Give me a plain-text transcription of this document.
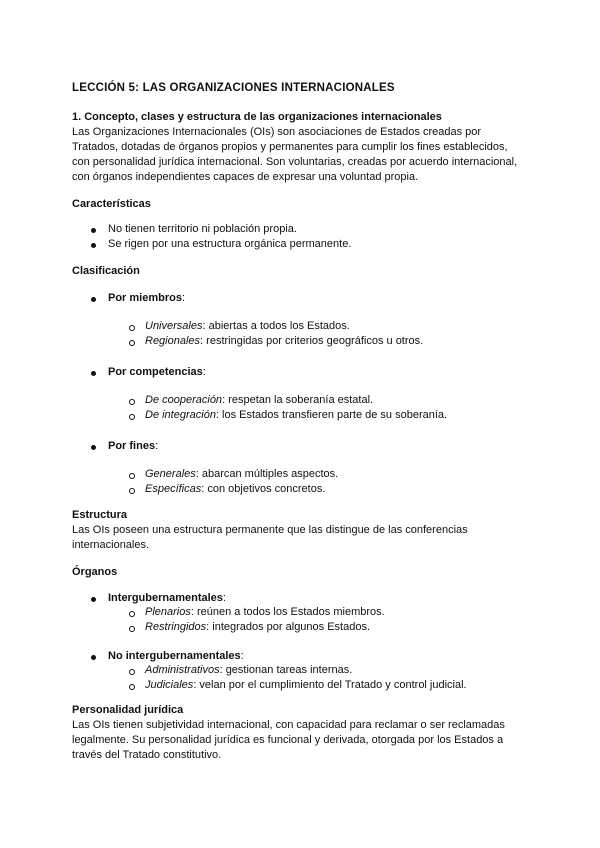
LECCIÓN 5: LAS ORGANIZACIONES INTERNACIONALES
1. Concepto, clases y estructura de las organizaciones internacionales
Las Organizaciones Internacionales (OIs) son asociaciones de Estados creadas por
Tratados, dotadas de órganos propios y permanentes para cumplir los fines establecidos,
con personalidad jurídica internacional. Son voluntarias, creadas por acuerdo internacional,
con órganos independientes capaces de expresar una voluntad propia.
Características
No tienen territorio ni población propia.
Se rigen por una estructura orgánica permanente.
Clasificación
Por miembros:
Universales: abiertas a todos los Estados.
Regionales: restringidas por criterios geográficos u otros.
Por competencias:
De cooperación: respetan la soberanía estatal.
De integración: los Estados transfieren parte de su soberanía.
Por fines:
Generales: abarcan múltiples aspectos.
Específicas: con objetivos concretos.
Estructura
Las OIs poseen una estructura permanente que las distingue de las conferencias
internacionales.
Órganos
Intergubernamentales:
Plenarios: reúnen a todos los Estados miembros.
Restringidos: integrados por algunos Estados.
No intergubernamentales:
Administrativos: gestionan tareas internas.
Judiciales: velan por el cumplimiento del Tratado y control judicial.
Personalidad jurídica
Las OIs tienen subjetividad internacional, con capacidad para reclamar o ser reclamadas
legalmente. Su personalidad jurídica es funcional y derivada, otorgada por los Estados a
través del Tratado constitutivo.
